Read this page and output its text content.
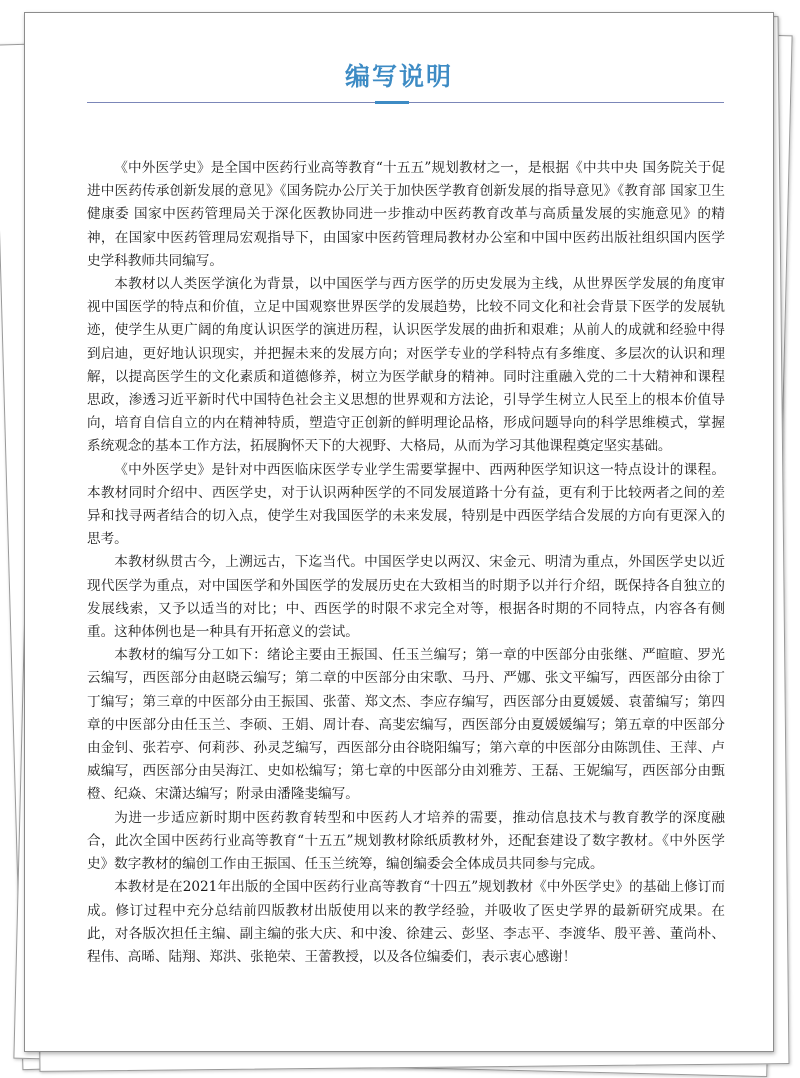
编写说明

《中外医学史》是全国中医药行业高等教育“十五五”规划教材之一，是根据《中共中央 国务院关于促进中医药传承创新发展的意见》《国务院办公厅关于加快医学教育创新发展的指导意见》《教育部 国家卫生健康委 国家中医药管理局关于深化医教协同进一步推动中医药教育改革与高质量发展的实施意见》的精神，在国家中医药管理局宏观指导下，由国家中医药管理局教材办公室和中国中医药出版社组织国内医学史学科教师共同编写。

本教材以人类医学演化为背景，以中国医学与西方医学的历史发展为主线，从世界医学发展的角度审视中国医学的特点和价值，立足中国观察世界医学的发展趋势，比较不同文化和社会背景下医学的发展轨迹，使学生从更广阔的角度认识医学的演进历程，认识医学发展的曲折和艰难；从前人的成就和经验中得到启迪，更好地认识现实，并把握未来的发展方向；对医学专业的学科特点有多维度、多层次的认识和理解，以提高医学生的文化素质和道德修养，树立为医学献身的精神。同时注重融入党的二十大精神和课程思政，渗透习近平新时代中国特色社会主义思想的世界观和方法论，引导学生树立人民至上的根本价值导向，培育自信自立的内在精神特质，塑造守正创新的鲜明理论品格，形成问题导向的科学思维模式，掌握系统观念的基本工作方法，拓展胸怀天下的大视野、大格局，从而为学习其他课程奠定坚实基础。

《中外医学史》是针对中西医临床医学专业学生需要掌握中、西两种医学知识这一特点设计的课程。本教材同时介绍中、西医学史，对于认识两种医学的不同发展道路十分有益，更有利于比较两者之间的差异和找寻两者结合的切入点，使学生对我国医学的未来发展，特别是中西医学结合发展的方向有更深入的思考。

本教材纵贯古今，上溯远古，下迄当代。中国医学史以两汉、宋金元、明清为重点，外国医学史以近现代医学为重点，对中国医学和外国医学的发展历史在大致相当的时期予以并行介绍，既保持各自独立的发展线索，又予以适当的对比；中、西医学的时限不求完全对等，根据各时期的不同特点，内容各有侧重。这种体例也是一种具有开拓意义的尝试。

本教材的编写分工如下：绪论主要由王振国、任玉兰编写；第一章的中医部分由张继、严暄暄、罗光云编写，西医部分由赵晓云编写；第二章的中医部分由宋歌、马丹、严娜、张文平编写，西医部分由徐丁丁编写；第三章的中医部分由王振国、张蕾、郑文杰、李应存编写，西医部分由夏媛媛、袁蕾编写；第四章的中医部分由任玉兰、李硕、王娟、周计春、高斐宏编写，西医部分由夏媛媛编写；第五章的中医部分由金钊、张若亭、何莉莎、孙灵芝编写，西医部分由谷晓阳编写；第六章的中医部分由陈凯佳、王萍、卢威编写，西医部分由吴海江、史如松编写；第七章的中医部分由刘雅芳、王磊、王妮编写，西医部分由甄橙、纪焱、宋潇达编写；附录由潘隆斐编写。

为进一步适应新时期中医药教育转型和中医药人才培养的需要，推动信息技术与教育教学的深度融合，此次全国中医药行业高等教育“十五五”规划教材除纸质教材外，还配套建设了数字教材。《中外医学史》数字教材的编创工作由王振国、任玉兰统筹，编创编委会全体成员共同参与完成。

本教材是在2021年出版的全国中医药行业高等教育“十四五”规划教材《中外医学史》的基础上修订而成。修订过程中充分总结前四版教材出版使用以来的教学经验，并吸收了医史学界的最新研究成果。在此，对各版次担任主编、副主编的张大庆、和中浚、徐建云、彭坚、李志平、李渡华、殷平善、董尚朴、程伟、高晞、陆翔、郑洪、张艳荣、王蕾教授，以及各位编委们，表示衷心感谢！
